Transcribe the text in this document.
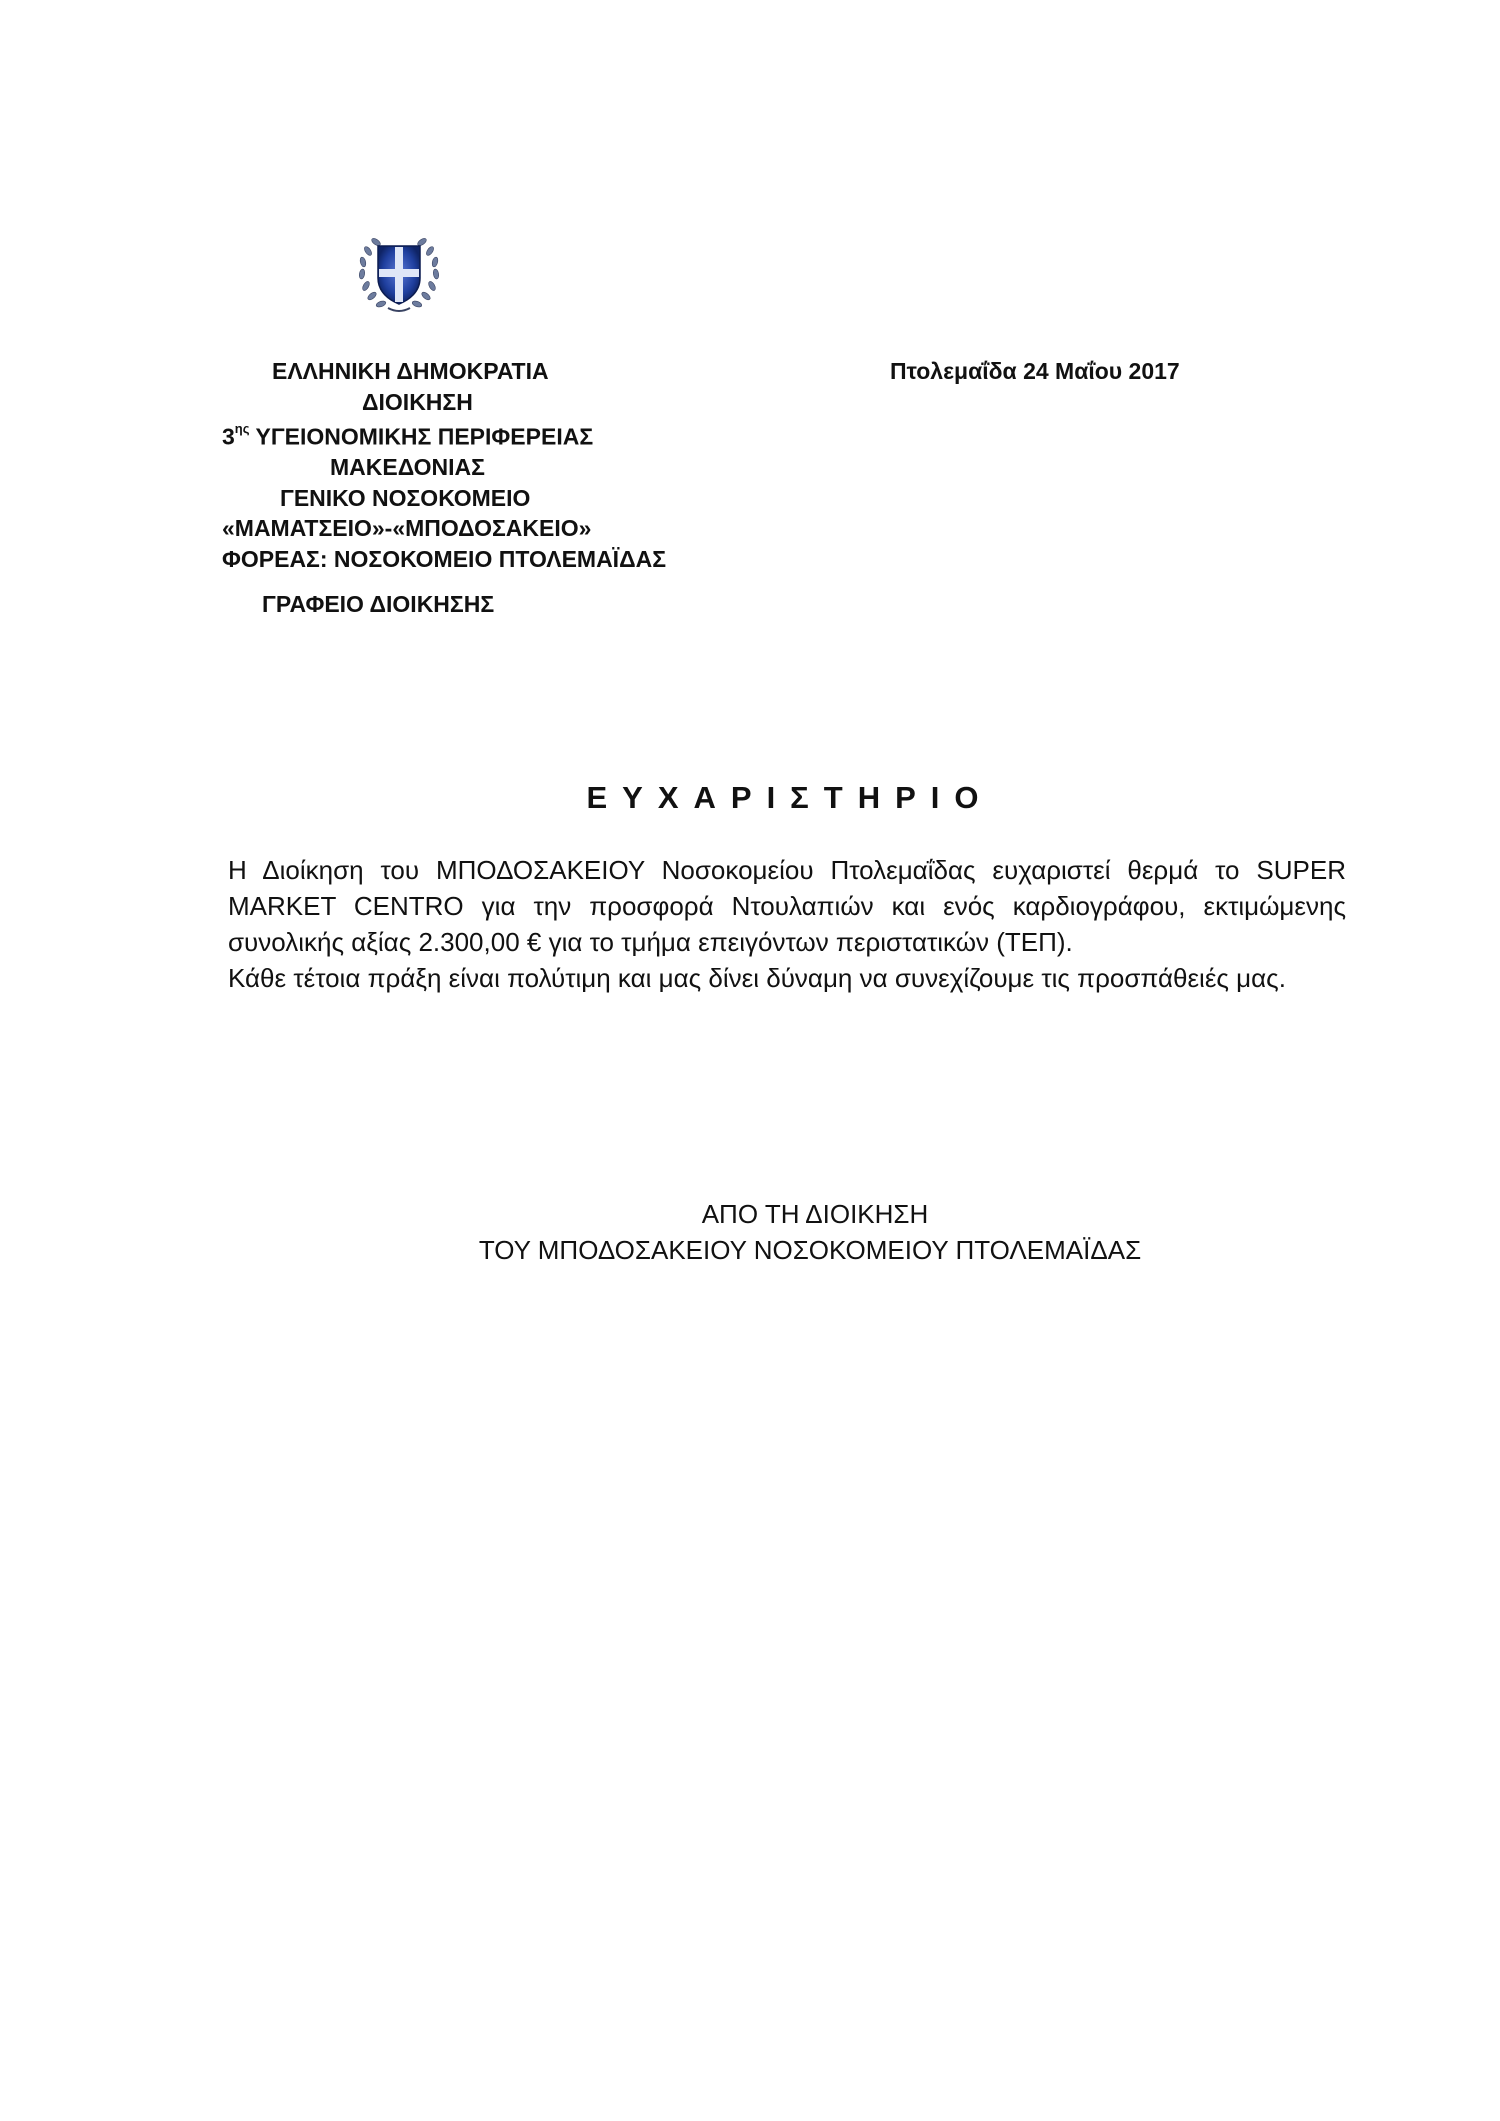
ΕΛΛΗΝΙΚΗ ΔΗΜΟΚΡΑΤΙΑ
ΔΙΟΙΚΗΣΗ
$3^{\eta\varsigma}$ ΥΓΕΙΟΝΟΜΙΚΗΣ ΠΕΡΙΦΕΡΕΙΑΣ
ΜΑΚΕΔΟΝΙΑΣ
ΓΕΝΙΚΟ ΝΟΣΟΚΟΜΕΙΟ
«ΜΑΜΑΤΣΕΙΟ»-«ΜΠΟΔΟΣΑΚΕΙΟ»
ΦΟΡΕΑΣ: ΝΟΣΟΚΟΜΕΙΟ ΠΤΟΛΕΜΑΪΔΑΣ
Πτολεμαΐδα 24 Μαΐου 2017
ΓΡΑΦΕΙΟ ΔΙΟΙΚΗΣΗΣ
ΕΥΧΑΡΙΣΤΗΡΙΟ

Η Διοίκηση του ΜΠΟΔΟΣΑΚΕΙΟΥ Νοσοκομείου Πτολεμαΐδας ευχαριστεί θερμά το SUPER MARKET CENTRO για την προσφορά Ντουλαπιών και ενός καρδιογράφου, εκτιμώμενης συνολικής αξίας 2.300,00 € για το τμήμα επειγόντων περιστατικών (ΤΕΠ).

Κάθε τέτοια πράξη είναι πολύτιμη και μας δίνει δύναμη να συνεχίζουμε τις προσπάθειές μας.

ΑΠΟ ΤΗ ΔΙΟΙΚΗΣΗ
ΤΟΥ ΜΠΟΔΟΣΑΚΕΙΟΥ ΝΟΣΟΚΟΜΕΙΟΥ ΠΤΟΛΕΜΑΪΔΑΣ
